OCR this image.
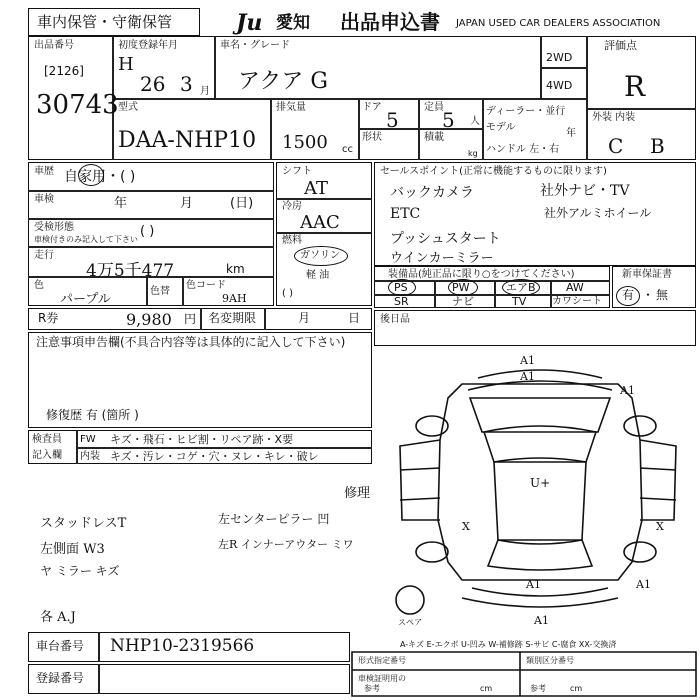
車内保管・守衛保管	Ju 愛知 出品申込書 JAPAN USED CAR DEALERS ASSOCIATION
出品番号
[2126]
30743
初度登録年月
H
26 3 月
車名・グレード
アクア G
2WD
4WD
評価点
R
外装 内装
C B
型式
DAA-NHP10
排気量
1500 cc
ドア
5
形状
定員
5 人
積載
kg
ディーラー・並行
モデル
年
ハンドル 左・右
車歴 自家用・( )
車検	年	月	(日)
受検形態
車検付きのみ記入して下さい
( )
走行
4万5千477	km
色
パープル
色替
色コード
9AH
シフト
AT
冷房
AAC
燃料
ガソリン
軽 油
( )
セールスポイント(正常に機能するものに限ります)
バックカメラ
ETC
プッシュスタート
ウインカーミラー
社外ナビ・TV
社外アルミホイール
装備品(純正品に限り○をつけてください)
PS	PW	エアB	AW
SR	ナビ	TV	カワシート
新車保証書
有 ・ 無
R券	9,980 円 名変期限	月	日 後日品
注意事項申告欄(不具合内容等は具体的に記入して下さい)
修復歴 有 (箇所 )
検査員
記入欄
FW キズ・飛石・ヒビ割・リペア跡・X要
内装 キズ・汚レ・コゲ・穴・ヌレ・キレ・破レ
修理
スタッドレスT
左側面 W3
ヤ ミラー キズ
各 A.J
左センターピラー 凹
左R インナーアウター ミワ
A1
A1
U+
X	X
A1	A1
A1
A1
スペア
A-キズ E-エクボ U-凹み W-補修跡 S-サビ C-腐食 XX-交換済
車台番号 NHP10-2319566
登録番号
形式指定番号	類別区分番号
車検証明用の
参考	参考
cm	cm
